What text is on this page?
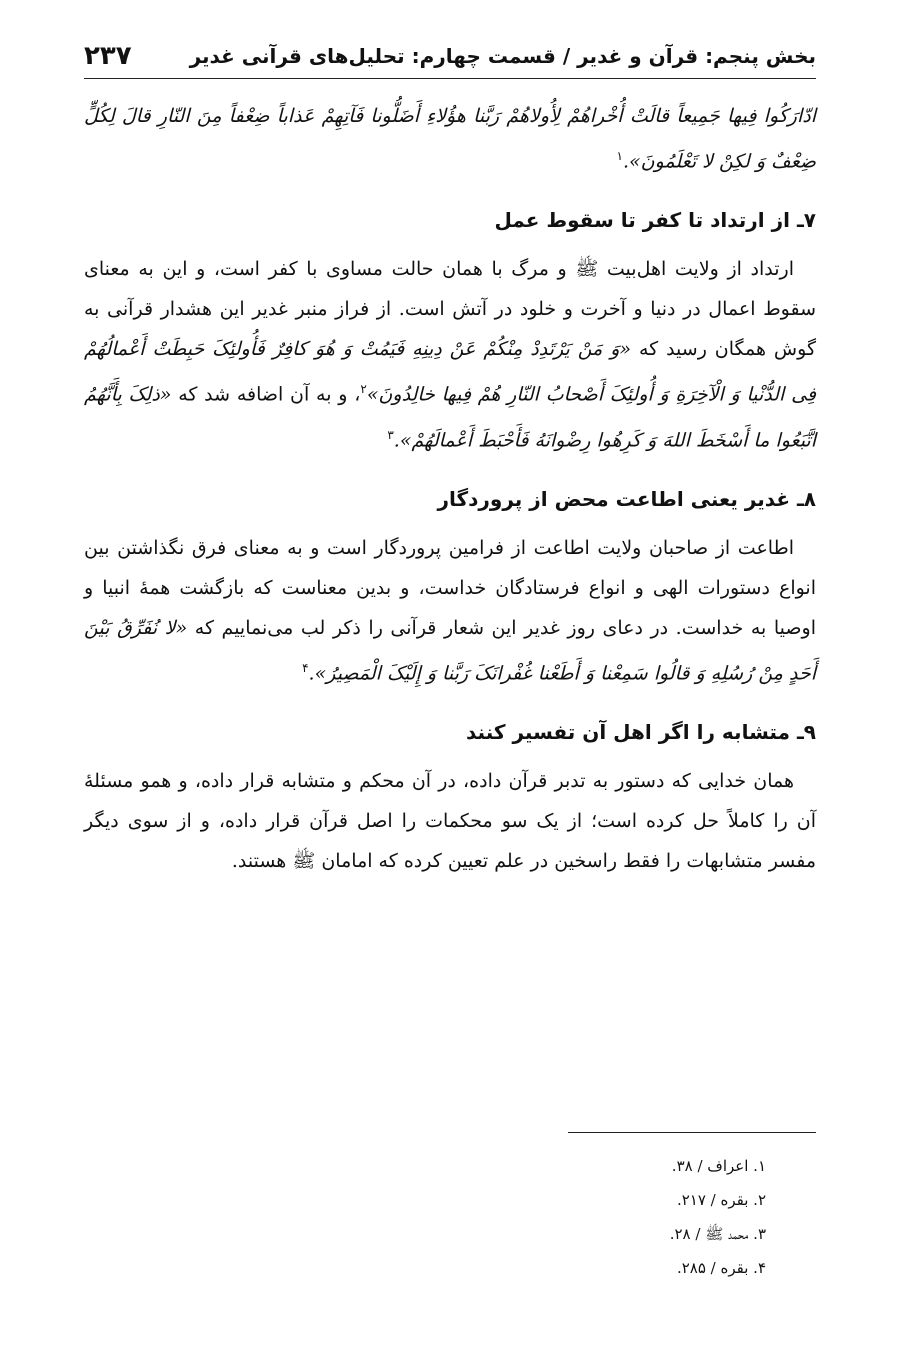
بخش پنجم: قرآن و غدیر / قسمت چهارم: تحلیل‌های قرآنی غدیر
۲۳۷

ادّارَکُوا فِیها جَمِیعاً قالَتْ أُخْراهُمْ لِأُولاهُمْ رَبَّنا هؤُلاءِ أَضَلُّونا فَآتِهِمْ عَذاباً ضِعْفاً مِنَ النّارِ قالَ لِکُلٍّ ضِعْفٌ وَ لکِنْ لا تَعْلَمُونَ».$^۱$

۷ـ از ارتداد تا کفر تا سقوط عمل

ارتداد از ولایت اهل‌بیت ﷺ و مرگ با همان حالت مساوی با کفر است، و این به معنای سقوط اعمال در دنیا و آخرت و خلود در آتش است. از فراز منبر غدیر این هشدار قرآنی به گوش همگان رسید که «وَ مَنْ یَرْتَدِدْ مِنْکُمْ عَنْ دِینِهِ فَیَمُتْ وَ هُوَ کافِرٌ فَأُولئِکَ حَبِطَتْ أَعْمالُهُمْ فِی الدُّنْیا وَ الْآخِرَةِ وَ أُولئِکَ أَصْحابُ النّارِ هُمْ فِیها خالِدُونَ»$^۲$، و به آن اضافه شد که «ذلِکَ بِأَنَّهُمُ اتَّبَعُوا ما أَسْخَطَ اللهَ وَ کَرِهُوا رِضْوانَهُ فَأَحْبَطَ أَعْمالَهُمْ».$^۳$

۸ـ غدیر یعنی اطاعت محض از پروردگار

اطاعت از صاحبان ولایت اطاعت از فرامین پروردگار است و به معنای فرق نگذاشتن بین انواع دستورات الهی و انواع فرستادگان خداست، و بدین معناست که بازگشت همهٔ انبیا و اوصیا به خداست. در دعای روز غدیر این شعار قرآنی را ذکر لب می‌نماییم که «لا نُفَرِّقُ بَیْنَ أَحَدٍ مِنْ رُسُلِهِ وَ قالُوا سَمِعْنا وَ أَطَعْنا غُفْرانَکَ رَبَّنا وَ إِلَیْکَ الْمَصِیرُ».$^۴$

۹ـ متشابه را اگر اهل آن تفسیر کنند

همان خدایی که دستور به تدبر قرآن داده، در آن محکم و متشابه قرار داده، و همو مسئلهٔ آن را کاملاً حل کرده است؛ از یک سو محکمات را اصل قرآن قرار داده، و از سوی دیگر مفسر متشابهات را فقط راسخین در علم تعیین کرده که امامان ﷺ هستند.

۱. اعراف / ۳۸.
۲. بقره / ۲۱۷.
۳. محمد ﷺ / ۲۸.
۴. بقره / ۲۸۵.
